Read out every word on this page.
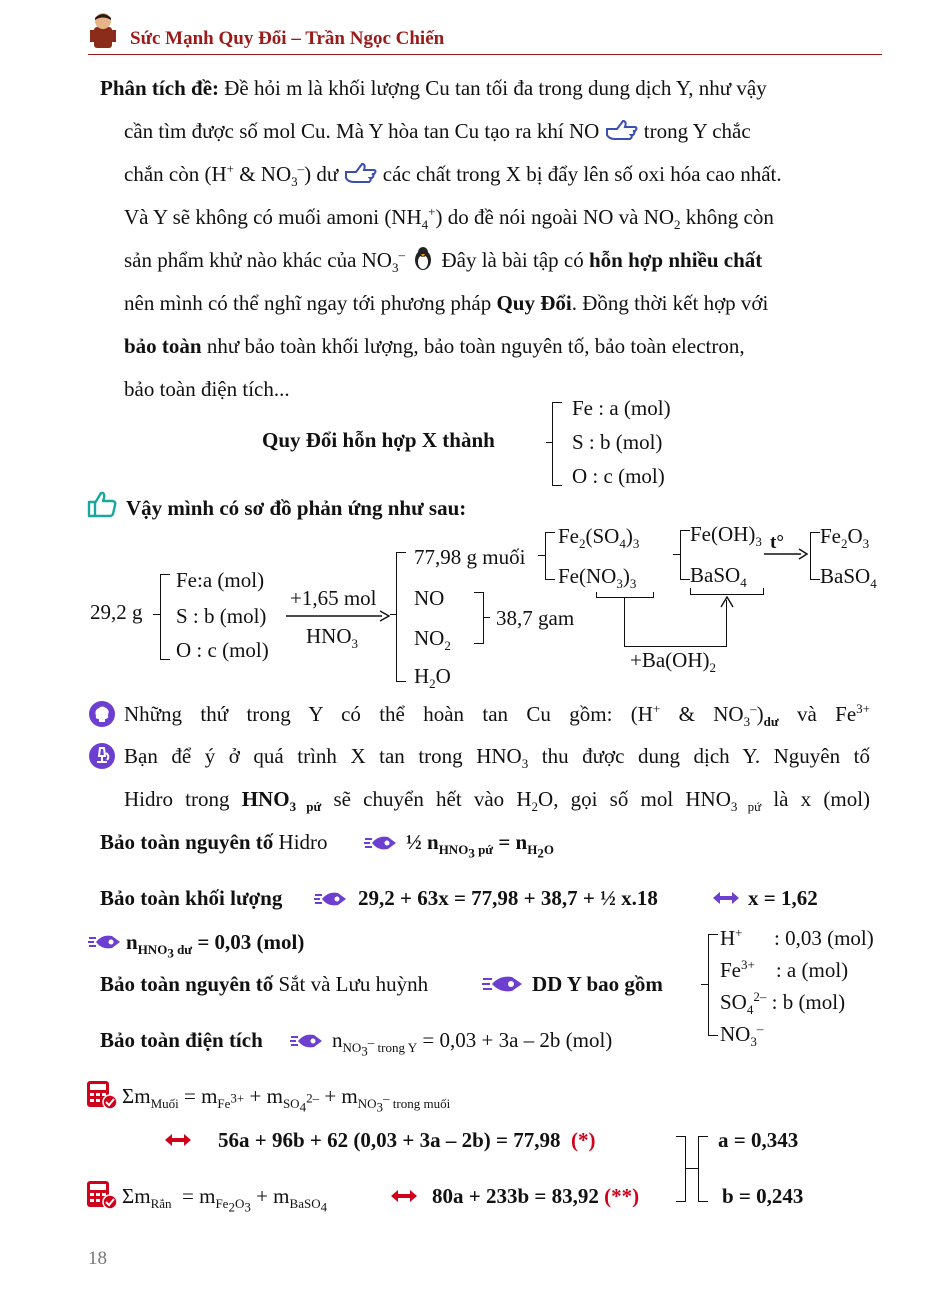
Sức Mạnh Quy Đổi – Trần Ngọc Chiến
Phân tích đề: Đề hỏi m là khối lượng Cu tan tối đa trong dung dịch Y, như vậy
cần tìm được số mol Cu. Mà Y hòa tan Cu tạo ra khí NO  trong Y chắc
chắn còn (H+ & $NO_3^-$) dư  các chất trong X bị đẩy lên số oxi hóa cao nhất.
Và Y sẽ không có muối amoni $(NH_4^+)$ do đề nói ngoài NO và $NO_2$ không còn
sản phẩm khử nào khác của $NO_3^-$  Đây là bài tập có hỗn hợp nhiều chất
nên mình có thể nghĩ ngay tới phương pháp Quy Đổi. Đồng thời kết hợp với
bảo toàn như bảo toàn khối lượng, bảo toàn nguyên tố, bảo toàn electron,
bảo toàn điện tích...
Quy Đổi hỗn hợp X thành
Fe : a (mol)
S : b (mol)
O : c (mol)
Vậy mình có sơ đồ phản ứng như sau:
29,2 g
Fe:a (mol)
S : b (mol)
O : c (mol)
+1,65 mol
$HNO_3$
77,98 g muối
NO
$NO_2$
$H_2O$
38,7 gam
$Fe_2(SO_4)_3$
$Fe(NO_3)_3$
$Fe(OH)_3$
BaSO$_4$
t° $Fe_2O_3$
BaSO$_4$
$+Ba(OH)_2$
Những thứ trong Y có thể hoàn tan Cu gồm: (H+ & $NO_3^-)_{dư}$ và $Fe^{3+}$
Bạn để ý ở quá trình X tan trong $HNO_3$ thu được dung dịch Y. Nguyên tố
Hidro trong $HNO_{3 pứ}$ sẽ chuyển hết vào $H_2O$, gọi số mol $HNO_{3 pứ}$ là x (mol)
Bảo toàn nguyên tố Hidro	½ $n_{HNO_3 pứ} = n_{H_2O}$
Bảo toàn khối lượng	29,2 + 63x = 77,98 + 38,7 + ½ x.18	x = 1,62
$n_{HNO_3 dư} = 0,03$ (mol)
Bảo toàn nguyên tố Sắt và Lưu huỳnh	DD Y bao gồm
H+ : 0,03 (mol)
$Fe^{3+}$ : a (mol)
$SO_4^{2-}$ : b (mol)
$NO_3^-$
Bảo toàn điện tích	$n_{NO_3^- trong Y} = 0,03 + 3a - 2b$ (mol)
$\Sigma m_{Muối} = m_{Fe^{3+}} + m_{SO_4^{2-}} + m_{NO_3^- trong muối}$
56a + 96b + 62 (0,03 + 3a – 2b) = 77,98 (*)
$\Sigma m_{Rắn} = m_{Fe_2O_3} + m_{BaSO_4}$	80a + 233b = 83,92 (**)
a = 0,343
b = 0,243
18
